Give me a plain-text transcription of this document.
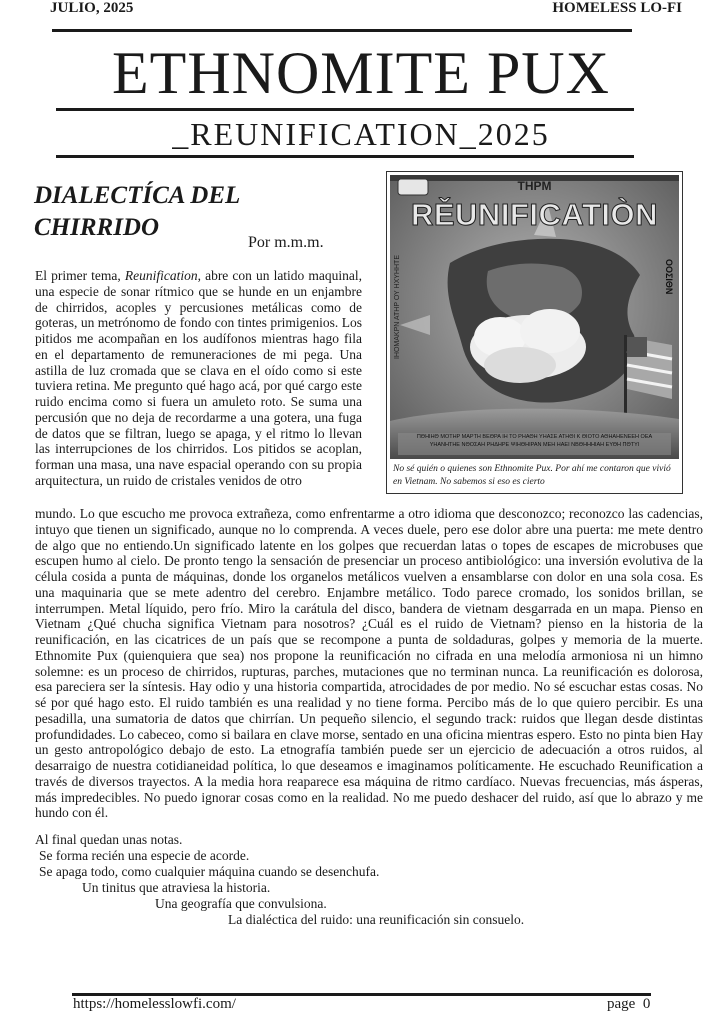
JULIO, 2025	HOMELESS LO-FI
ETHNOMITE PUX
_REUNIFICATION_2025
DIALECTÍCA DEL
CHIRRIDO
Por m.m.m.

El primer tema, Reunification, abre con un latido maquinal, una especie de sonar rítmico que se hunde en un enjambre de chirridos, acoples y percusiones metálicas como de goteras, un metrónomo de fondo con tintes primigenios. Los pitidos me acompañan en los audífonos mientras hago fila en el departamento de remuneraciones de mi pega. Una astilla de luz cromada que se clava en el oído como si este tuviera retina. Me pregunto qué hago acá, por qué cargo este ruido encima como si fuera un amuleto roto. Se suma una percusión que no deja de recordarme a una gotera, una fuga de datos que se filtran, luego se apaga, y el ritmo lo llevan las interrupciones de los chirridos. Los pitidos se acoplan, forman una masa, una nave espacial operando con su propia arquitectura, un ruido de cristales venidos de otro

THPM
RĚUNIFICATIÒN
ΟΟΣΙΘΝ
ΙΗΟΜΑΚΡΝ ΑΤΗΡ ΟΥ ΗΧΥΗΗΤΕ
ΠΘΗΙΗΘ ΜΟΤΗΡ ΜΑΡΤΗ ΒΕΘΡΑ ΙΗ ΤΟ ΡΗΑΘΗ ΥΗΑΣΕ ΑΤΗΘΙ Κ ΘΙΟΤΟ ΑΘΗΑΗΕΝΕΕΗ ΟΕΑ ΥΗΑΝΗΤΗΕ ΝΘΟΣΑΗ ΡΗΔΗΡΕ ΨΙΗΘΗΙΡΑΝ ΜΕΗ ΗΑΕΙ ΝΒΘΗΗΗΙΑΗ ΕΥΘΗ ΠΘΤΥΙ
No sé quién o quienes son Ethnomite Pux. Por ahí me contaron que vivió en Vietnam. No sabemos si eso es cierto

mundo. Lo que escucho me provoca extrañeza, como enfrentarme a otro idioma que desconozco; reconozco las cadencias, intuyo que tienen un significado, aunque no lo comprenda. A veces duele, pero ese dolor abre una puerta: me mete dentro de algo que no entiendo.Un significado latente en los golpes que recuerdan latas o topes de escapes de microbuses que escupen humo al cielo. De pronto tengo la sensación de presenciar un proceso antibiológico: una inversión evolutiva de la célula cosida a punta de máquinas, donde los organelos metálicos vuelven a ensamblarse con dolor en una sola cosa. Es una maquinaria que se mete adentro del cerebro. Enjambre metálico. Todo parece cromado, los sonidos brillan, se interrumpen. Metal líquido, pero frío. Miro la carátula del disco, bandera de vietnam desgarrada en un mapa. Pienso en Vietnam ¿Qué chucha significa Vietnam para nosotros? ¿Cuál es el ruido de Vietnam? pienso en la historia de la reunificación, en las cicatrices de un país que se recompone a punta de soldaduras, golpes y memoria de la muerte. Ethnomite Pux (quienquiera que sea) nos propone la reunificación no cifrada en una melodía armoniosa ni un himno solemne: es un proceso de chirridos, rupturas, parches, mutaciones que no terminan nunca. La reunificación es dolorosa, esa pareciera ser la síntesis. Hay odio y una historia compartida, atrocidades de por medio. No sé escuchar estas cosas. No sé por qué hago esto. El ruido también es una realidad y no tiene forma. Percibo más de lo que quiero percibir. Es una pesadilla, una sumatoria de datos que chirrían. Un pequeño silencio, el segundo track: ruidos que llegan desde distintas profundidades. Lo cabeceo, como si bailara en clave morse, sentado en una oficina mientras espero. Esto no pinta bien Hay un gesto antropológico debajo de esto. La etnografía también puede ser un ejercicio de adecuación a otros ruidos, al desarraigo de nuestra cotidianeidad política, lo que deseamos e imaginamos políticamente. He escuchado Reunification a través de diversos trayectos. A la media hora reaparece esa máquina de ritmo cardíaco. Nuevas frecuencias, más ásperas, más impredecibles. No puedo ignorar cosas como en la realidad. No me puedo deshacer del ruido, así que lo abrazo y me hundo con él.

Al final quedan unas notas.
Se forma recién una especie de acorde.
Se apaga todo, como cualquier máquina cuando se desenchufa.
Un tinitus que atraviesa la historia.
Una geografía que convulsiona.
La dialéctica del ruido: una reunificación sin consuelo.
https://homelesslowfi.com/	page 0
